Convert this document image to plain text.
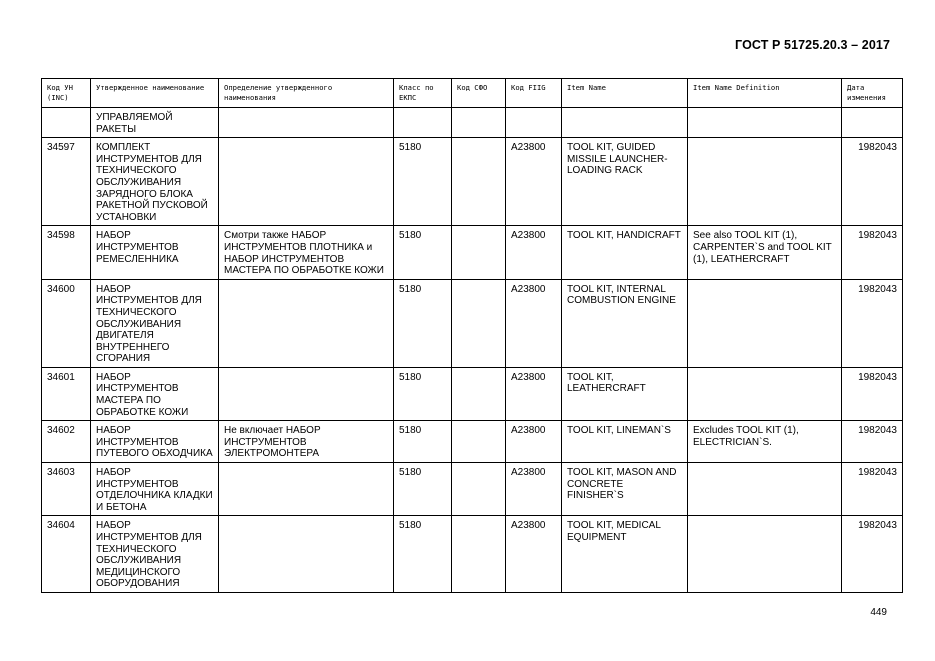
ГОСТ Р 51725.20.3 – 2017
Код УН (INC)	Утвержденное наименование	Определение утвержденного наименования	Класс по ЕКПС	Код СФО	Код FIIG	Item Name	Item Name Definition	Дата изменения
	УПРАВЛЯЕМОЙ РАКЕТЫ							
34597	КОМПЛЕКТ ИНСТРУМЕНТОВ ДЛЯ ТЕХНИЧЕСКОГО ОБСЛУЖИВАНИЯ ЗАРЯДНОГО БЛОКА РАКЕТНОЙ ПУСКОВОЙ УСТАНОВКИ		5180		A23800	TOOL KIT, GUIDED MISSILE LAUNCHER-LOADING RACK		1982043
34598	НАБОР ИНСТРУМЕНТОВ РЕМЕСЛЕННИКА	Смотри также НАБОР ИНСТРУМЕНТОВ ПЛОТНИКА и НАБОР ИНСТРУМЕНТОВ МАСТЕРА ПО ОБРАБОТКЕ КОЖИ	5180		A23800	TOOL KIT, HANDICRAFT	See also TOOL KIT (1), CARPENTER`S and TOOL KIT (1), LEATHERCRAFT	1982043
34600	НАБОР ИНСТРУМЕНТОВ ДЛЯ ТЕХНИЧЕСКОГО ОБСЛУЖИВАНИЯ ДВИГАТЕЛЯ ВНУТРЕННЕГО СГОРАНИЯ		5180		A23800	TOOL KIT, INTERNAL COMBUSTION ENGINE		1982043
34601	НАБОР ИНСТРУМЕНТОВ МАСТЕРА ПО ОБРАБОТКЕ КОЖИ		5180		A23800	TOOL KIT, LEATHERCRAFT		1982043
34602	НАБОР ИНСТРУМЕНТОВ ПУТЕВОГО ОБХОДЧИКА	Не включает НАБОР ИНСТРУМЕНТОВ ЭЛЕКТРОМОНТЕРА	5180		A23800	TOOL KIT, LINEMAN`S	Excludes TOOL KIT (1), ELECTRICIAN`S.	1982043
34603	НАБОР ИНСТРУМЕНТОВ ОТДЕЛОЧНИКА КЛАДКИ И БЕТОНА		5180		A23800	TOOL KIT, MASON AND CONCRETE FINISHER`S		1982043
34604	НАБОР ИНСТРУМЕНТОВ ДЛЯ ТЕХНИЧЕСКОГО ОБСЛУЖИВАНИЯ МЕДИЦИНСКОГО ОБОРУДОВАНИЯ		5180		A23800	TOOL KIT, MEDICAL EQUIPMENT		1982043
449
